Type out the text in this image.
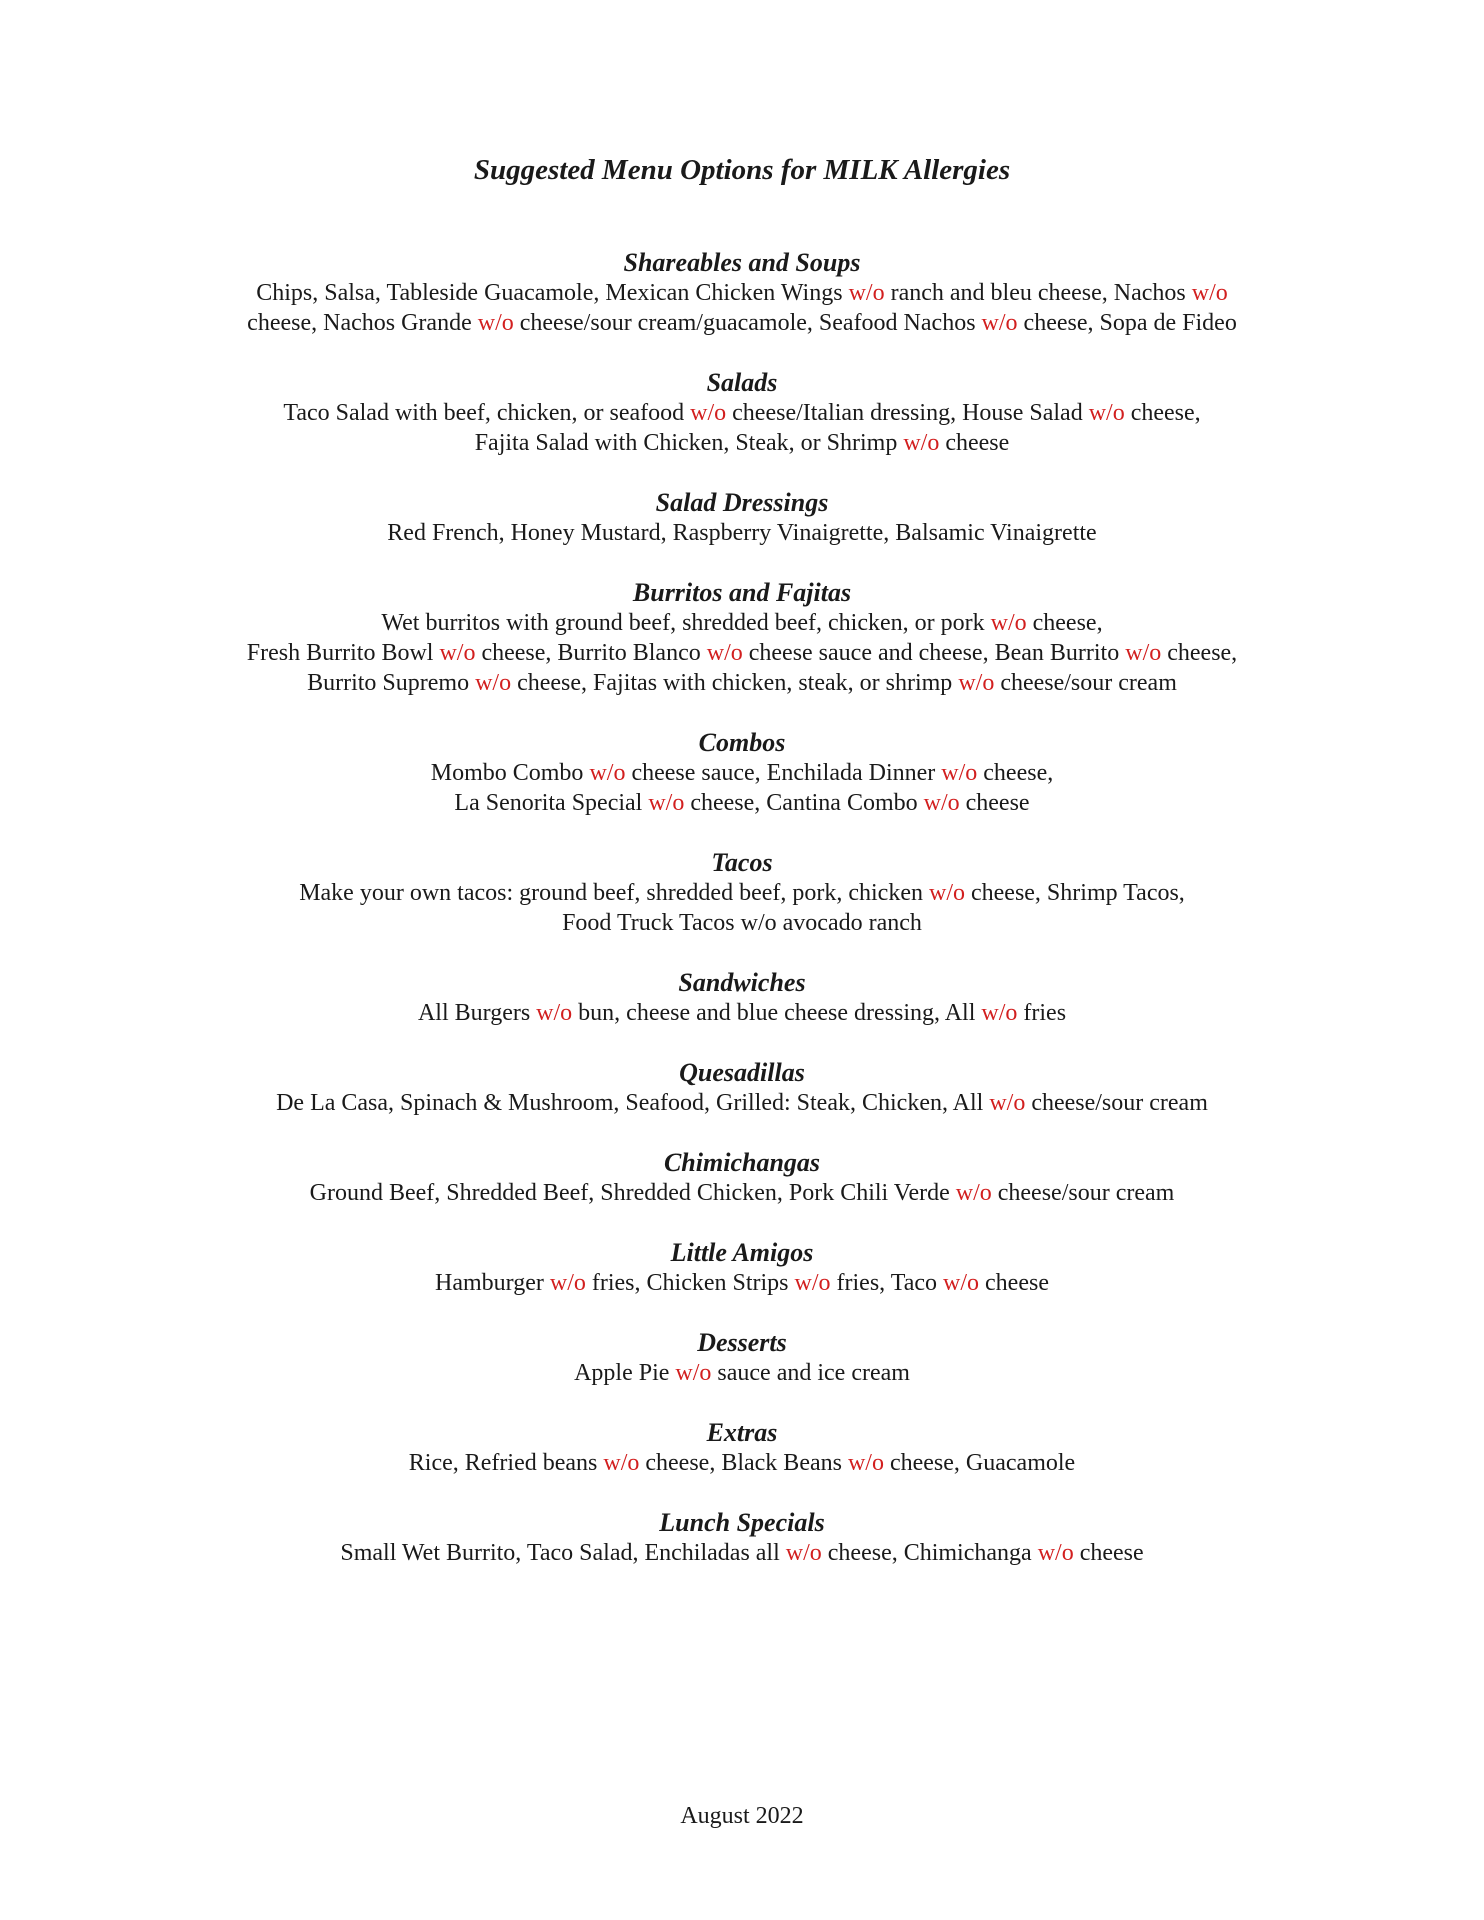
Suggested Menu Options for MILK Allergies
Shareables and Soups

Chips, Salsa, Tableside Guacamole, Mexican Chicken Wings w/o ranch and bleu cheese, Nachos w/o
cheese, Nachos Grande w/o cheese/sour cream/guacamole, Seafood Nachos w/o cheese, Sopa de Fideo

Salads

Taco Salad with beef, chicken, or seafood w/o cheese/Italian dressing, House Salad w/o cheese,
Fajita Salad with Chicken, Steak, or Shrimp w/o cheese

Salad Dressings

Red French, Honey Mustard, Raspberry Vinaigrette, Balsamic Vinaigrette

Burritos and Fajitas

Wet burritos with ground beef, shredded beef, chicken, or pork w/o cheese,
Fresh Burrito Bowl w/o cheese, Burrito Blanco w/o cheese sauce and cheese, Bean Burrito w/o cheese,
Burrito Supremo w/o cheese, Fajitas with chicken, steak, or shrimp w/o cheese/sour cream

Combos

Mombo Combo w/o cheese sauce, Enchilada Dinner w/o cheese,
La Senorita Special w/o cheese, Cantina Combo w/o cheese

Tacos

Make your own tacos: ground beef, shredded beef, pork, chicken w/o cheese, Shrimp Tacos,
Food Truck Tacos w/o avocado ranch

Sandwiches

All Burgers w/o bun, cheese and blue cheese dressing, All w/o fries

Quesadillas

De La Casa, Spinach & Mushroom, Seafood, Grilled: Steak, Chicken, All w/o cheese/sour cream

Chimichangas

Ground Beef, Shredded Beef, Shredded Chicken, Pork Chili Verde w/o cheese/sour cream

Little Amigos

Hamburger w/o fries, Chicken Strips w/o fries, Taco w/o cheese

Desserts

Apple Pie w/o sauce and ice cream

Extras

Rice, Refried beans w/o cheese, Black Beans w/o cheese, Guacamole

Lunch Specials

Small Wet Burrito, Taco Salad, Enchiladas all w/o cheese, Chimichanga w/o cheese

August 2022
